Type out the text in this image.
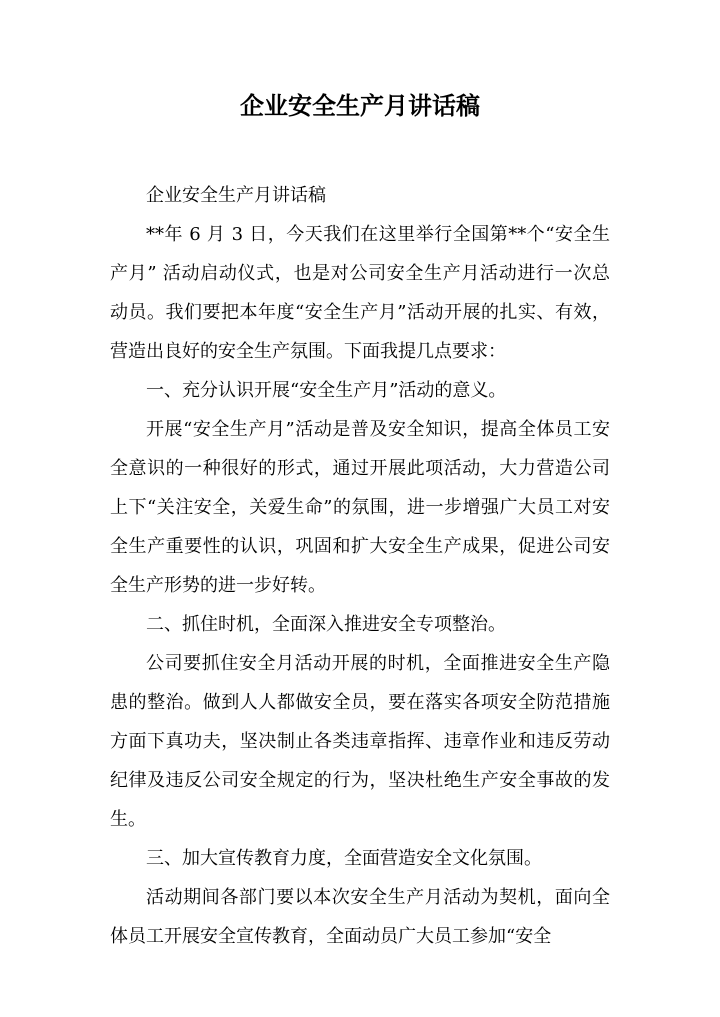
企业安全生产月讲话稿

企业安全生产月讲话稿

**年 6 月 3 日，今天我们在这里举行全国第**个“安全生产月” 活动启动仪式，也是对公司安全生产月活动进行一次总动员。我们要把本年度“安全生产月”活动开展的扎实、有效，营造出良好的安全生产氛围。下面我提几点要求：

一、充分认识开展“安全生产月”活动的意义。

开展“安全生产月”活动是普及安全知识，提高全体员工安全意识的一种很好的形式，通过开展此项活动，大力营造公司上下“关注安全，关爱生命”的氛围，进一步增强广大员工对安全生产重要性的认识，巩固和扩大安全生产成果，促进公司安全生产形势的进一步好转。

二、抓住时机，全面深入推进安全专项整治。

公司要抓住安全月活动开展的时机，全面推进安全生产隐患的整治。做到人人都做安全员，要在落实各项安全防范措施方面下真功夫，坚决制止各类违章指挥、违章作业和违反劳动纪律及违反公司安全规定的行为，坚决杜绝生产安全事故的发生。

三、加大宣传教育力度，全面营造安全文化氛围。

活动期间各部门要以本次安全生产月活动为契机，面向全体员工开展安全宣传教育，全面动员广大员工参加“安全
